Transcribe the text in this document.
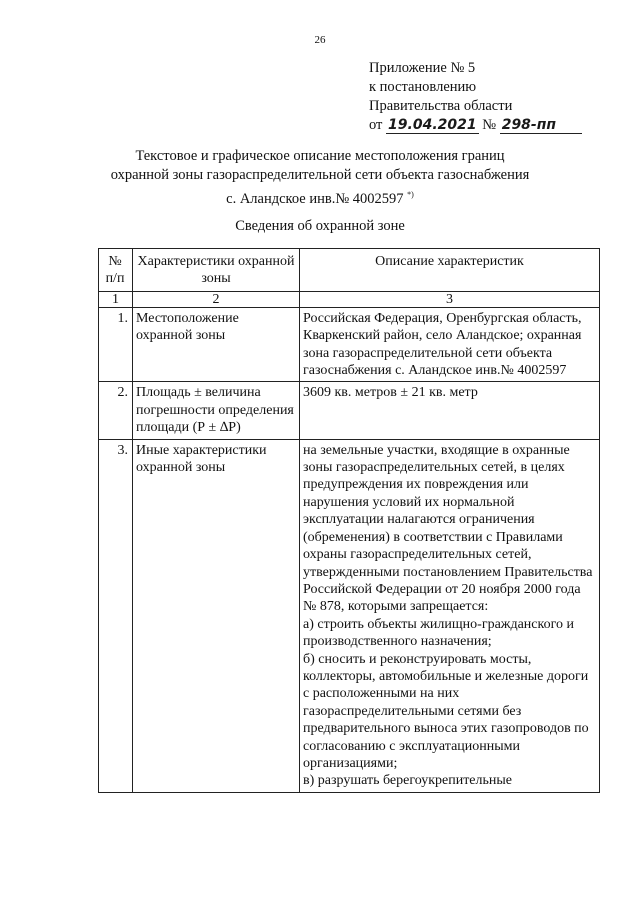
26
Приложение № 5
к постановлению
Правительства области
от 19.04.2021 № 298-пп
Текстовое и графическое описание местоположения границ
охранной зоны газораспределительной сети объекта газоснабжения
с. Аландское инв.№ 4002597 *)
Сведения об охранной зоне
№ п/п	Характеристики охранной зоны	Описание характеристик
1	2	3
1.	Местоположение охранной зоны	Российская Федерация, Оренбургская область, Кваркенский район, село Аландское; охранная зона газораспределительной сети объекта газоснабжения с. Аландское инв.№ 4002597
2.	Площадь ± величина погрешности определения площади (Р ± ∆Р)	3609 кв. метров ± 21 кв. метр
3.	Иные характеристики охранной зоны	на земельные участки, входящие в охранные зоны газораспределительных сетей, в целях предупреждения их повреждения или нарушения условий их нормальной эксплуатации налагаются ограничения (обременения) в соответствии с Правилами охраны газораспределительных сетей, утвержденными постановлением Правительства Российской Федерации от 20 ноября 2000 года № 878, которыми запрещается:
а) строить объекты жилищно-гражданского и производственного назначения;
б) сносить и реконструировать мосты, коллекторы, автомобильные и железные дороги с расположенными на них газораспределительными сетями без предварительного выноса этих газопроводов по согласованию с эксплуатационными организациями;
в) разрушать берегоукрепительные
